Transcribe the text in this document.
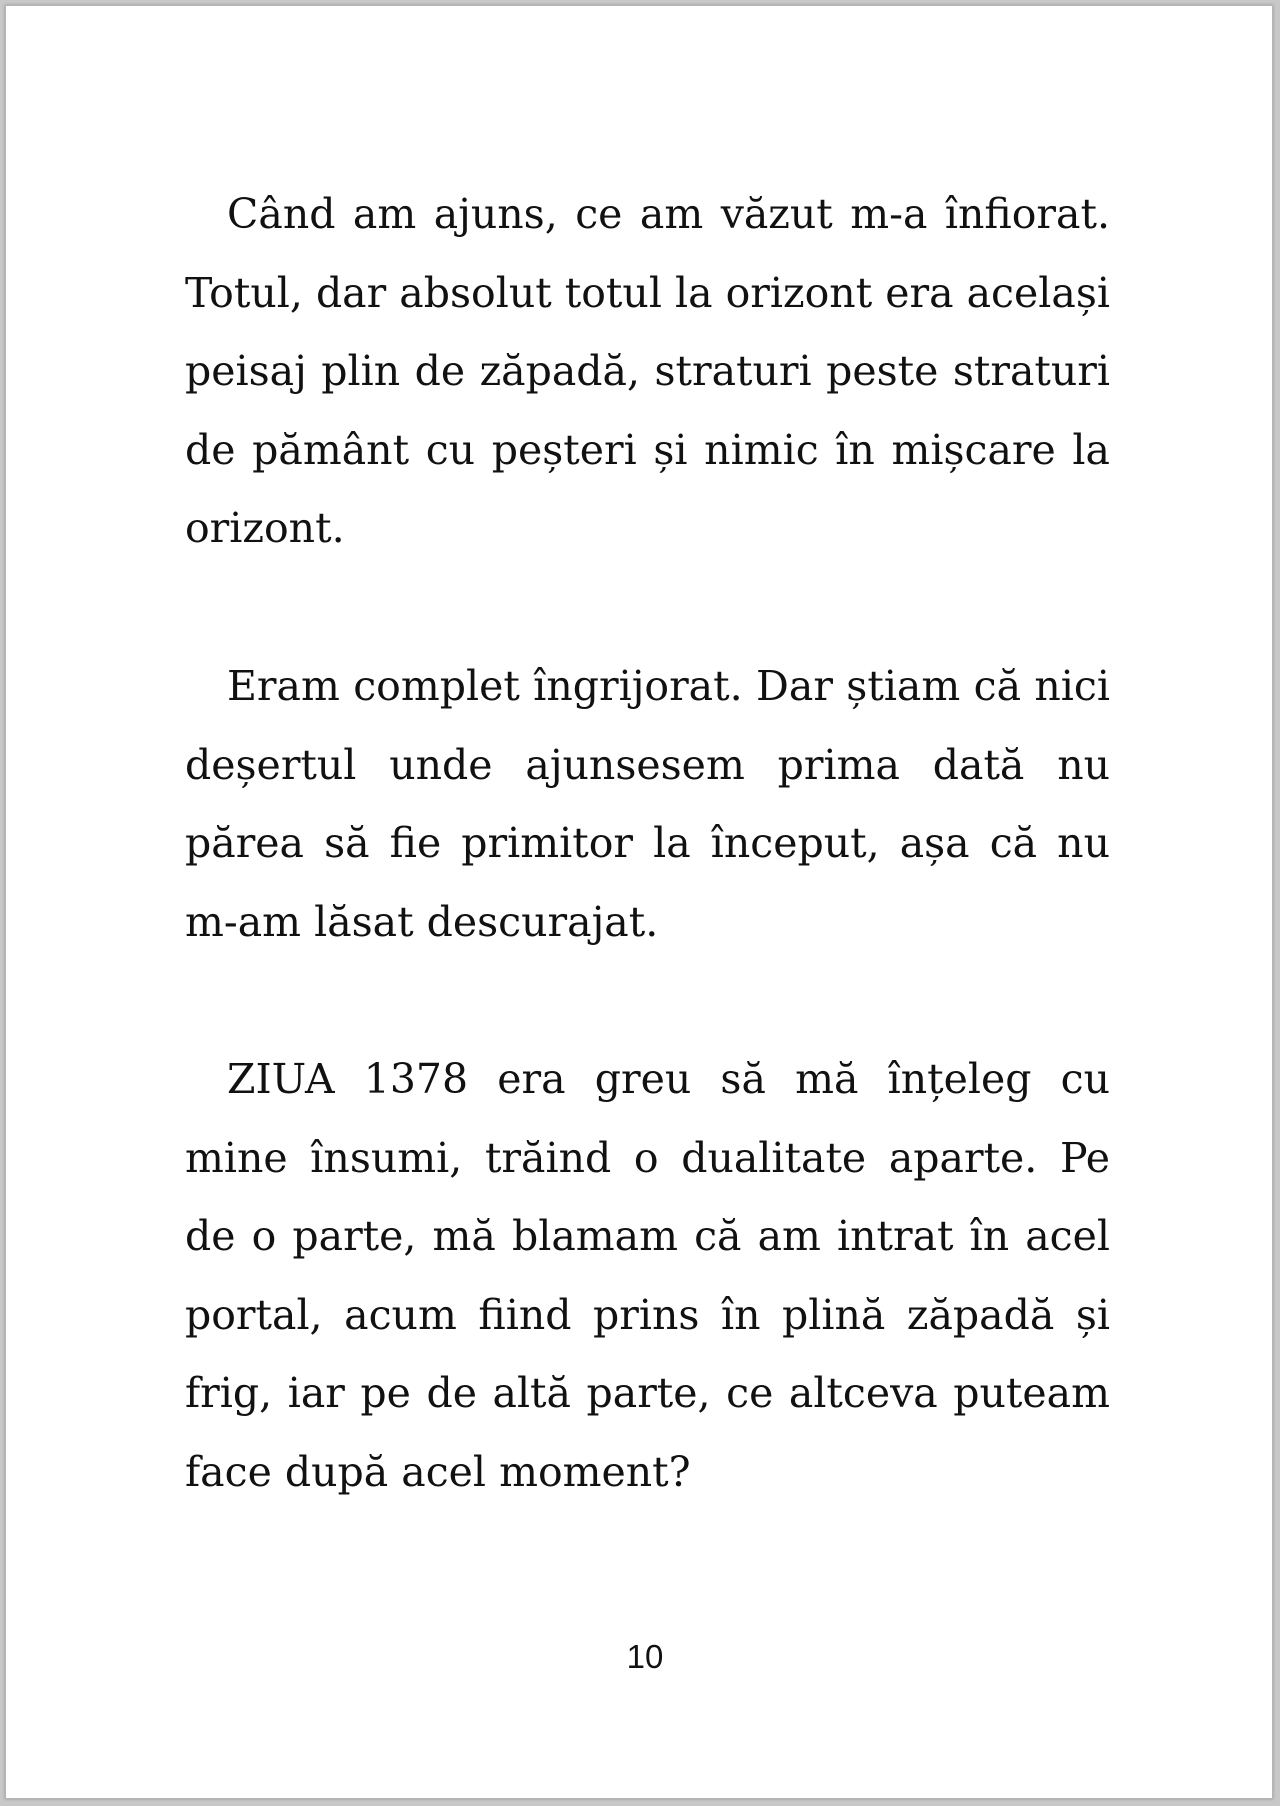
Când am ajuns, ce am văzut m-a înfiorat. Totul, dar absolut totul la orizont era același peisaj plin de zăpadă, straturi peste straturi de pământ cu peșteri și nimic în mișcare la orizont.

Eram complet îngrijorat. Dar știam că nici deșertul unde ajunsesem prima dată nu părea să fie primitor la început, așa că nu m-am lăsat descurajat.

ZIUA 1378 era greu să mă înțeleg cu mine însumi, trăind o dualitate aparte. Pe de o parte, mă blamam că am intrat în acel portal, acum fiind prins în plină zăpadă și frig, iar pe de altă parte, ce altceva puteam face după acel moment?

10
